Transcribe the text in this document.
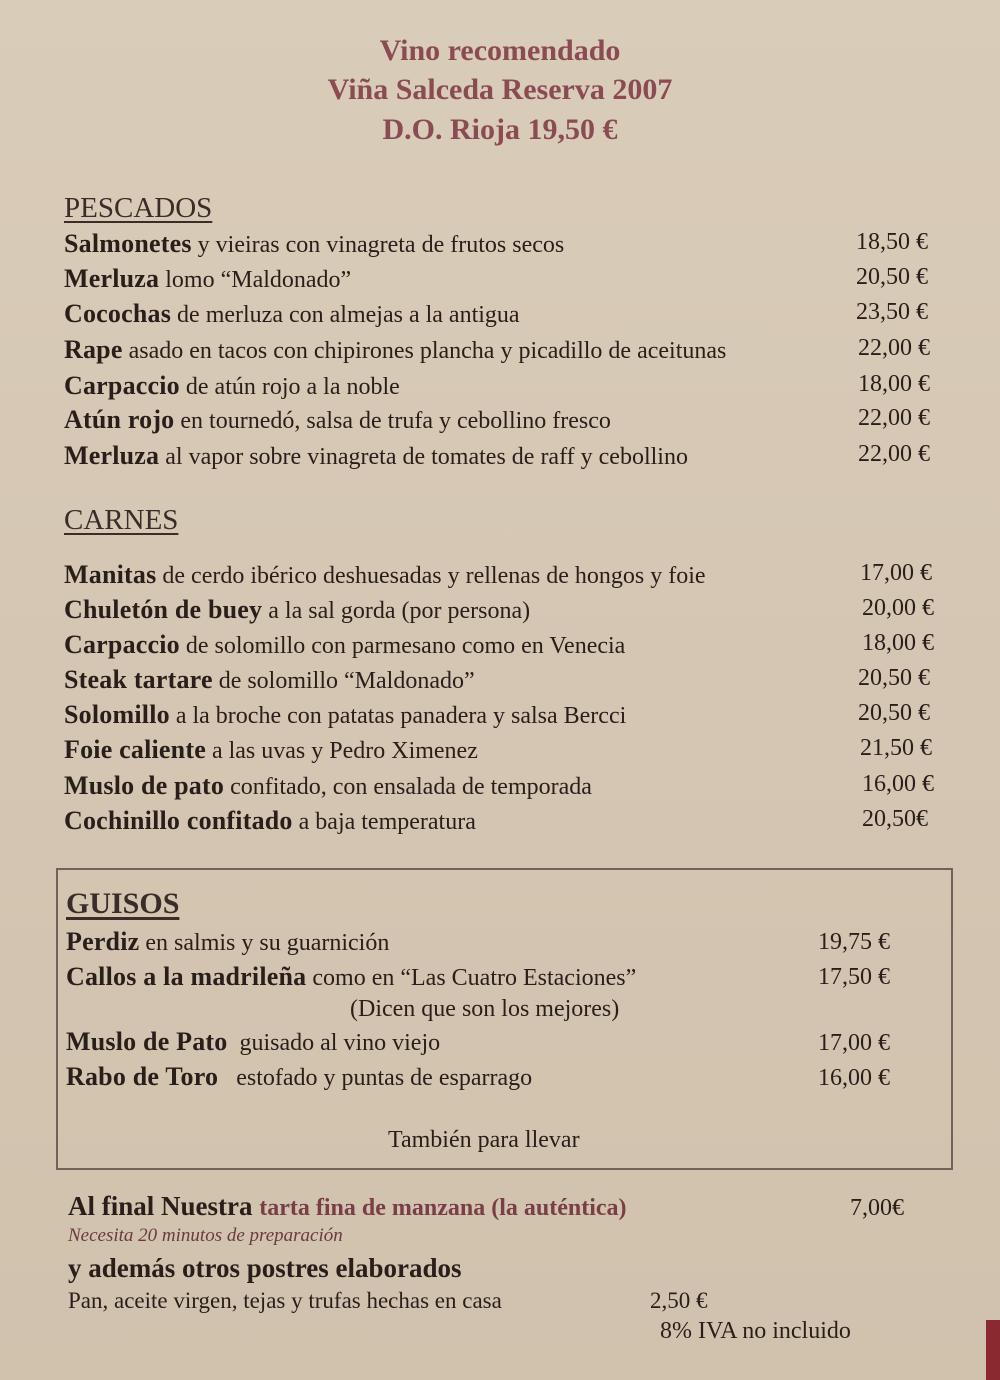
Vino recomendado
Viña Salceda Reserva 2007
D.O. Rioja 19,50 €
PESCADOS
Salmonetes y vieiras con vinagreta de frutos secos	18,50 €
Merluza lomo “Maldonado”	20,50 €
Cocochas de merluza con almejas a la antigua	23,50 €
Rape asado en tacos con chipirones plancha y picadillo de aceitunas	22,00 €
Carpaccio de atún rojo a la noble	18,00 €
Atún rojo en tournedó, salsa de trufa y cebollino fresco	22,00 €
Merluza al vapor sobre vinagreta de tomates de raff y cebollino	22,00 €
CARNES
Manitas de cerdo ibérico deshuesadas y rellenas de hongos y foie	17,00 €
Chuletón de buey a la sal gorda (por persona)	20,00 €
Carpaccio de solomillo con parmesano como en Venecia	18,00 €
Steak tartare de solomillo “Maldonado”	20,50 €
Solomillo a la broche con patatas panadera y salsa Bercci	20,50 €
Foie caliente a las uvas y Pedro Ximenez	21,50 €
Muslo de pato confitado, con ensalada de temporada	16,00 €
Cochinillo confitado a baja temperatura	20,50€
GUISOS
Perdiz en salmis y su guarnición	19,75 €
Callos a la madrileña como en “Las Cuatro Estaciones”	17,50 €
(Dicen que son los mejores)
Muslo de Pato guisado al vino viejo	17,00 €
Rabo de Toro estofado y puntas de esparrago	16,00 €
También para llevar
Al final Nuestra tarta fina de manzana (la auténtica)	7,00€
Necesita 20 minutos de preparación
y además otros postres elaborados
Pan, aceite virgen, tejas y trufas hechas en casa	2,50 €
8% IVA no incluido
